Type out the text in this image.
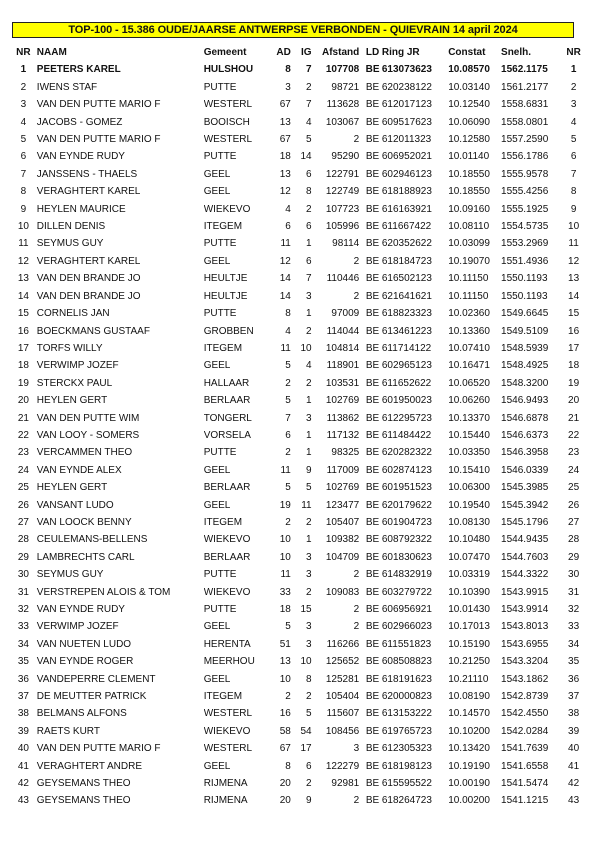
TOP-100 - 15.386 OUDE/JAARSE ANTWERPSE VERBONDEN - QUIEVRAIN 14 april 2024
NR	NAAM	Gemeent	AD	IG	Afstand	LD	Ring JR	Constat	Snelh.	NR
1	PEETERS KAREL	HULSHOU	8	7	107708	BE	613073623	10.08570	1562.1175	1
2	IWENS STAF	PUTTE	3	2	98721	BE	620238122	10.03140	1561.2177	2
3	VAN DEN PUTTE MARIO F	WESTERL	67	7	113628	BE	612017123	10.12540	1558.6831	3
4	JACOBS - GOMEZ	BOOISCH	13	4	103067	BE	609517623	10.06090	1558.0801	4
5	VAN DEN PUTTE MARIO F	WESTERL	67	5	2	BE	612011323	10.12580	1557.2590	5
6	VAN EYNDE RUDY	PUTTE	18	14	95290	BE	606952021	10.01140	1556.1786	6
7	JANSSENS - THAELS	GEEL	13	6	122791	BE	602946123	10.18550	1555.9578	7
8	VERAGHTERT KAREL	GEEL	12	8	122749	BE	618188923	10.18550	1555.4256	8
9	HEYLEN MAURICE	WIEKEVO	4	2	107723	BE	616163921	10.09160	1555.1925	9
10	DILLEN DENIS	ITEGEM	6	6	105996	BE	611667422	10.08110	1554.5735	10
11	SEYMUS GUY	PUTTE	11	1	98114	BE	620352622	10.03099	1553.2969	11
12	VERAGHTERT KAREL	GEEL	12	6	2	BE	618184723	10.19070	1551.4936	12
13	VAN DEN BRANDE JO	HEULTJE	14	7	110446	BE	616502123	10.11150	1550.1193	13
14	VAN DEN BRANDE JO	HEULTJE	14	3	2	BE	621641621	10.11150	1550.1193	14
15	CORNELIS JAN	PUTTE	8	1	97009	BE	618823323	10.02360	1549.6645	15
16	BOECKMANS GUSTAAF	GROBBEN	4	2	114044	BE	613461223	10.13360	1549.5109	16
17	TORFS WILLY	ITEGEM	11	10	104814	BE	611714122	10.07410	1548.5939	17
18	VERWIMP JOZEF	GEEL	5	4	118901	BE	602965123	10.16471	1548.4925	18
19	STERCKX PAUL	HALLAAR	2	2	103531	BE	611652622	10.06520	1548.3200	19
20	HEYLEN GERT	BERLAAR	5	1	102769	BE	601950023	10.06260	1546.9493	20
21	VAN DEN PUTTE WIM	TONGERL	7	3	113862	BE	612295723	10.13370	1546.6878	21
22	VAN LOOY - SOMERS	VORSELA	6	1	117132	BE	611484422	10.15440	1546.6373	22
23	VERCAMMEN THEO	PUTTE	2	1	98325	BE	620282322	10.03350	1546.3958	23
24	VAN EYNDE ALEX	GEEL	11	9	117009	BE	602874123	10.15410	1546.0339	24
25	HEYLEN GERT	BERLAAR	5	5	102769	BE	601951523	10.06300	1545.3985	25
26	VANSANT LUDO	GEEL	19	11	123477	BE	620179622	10.19540	1545.3942	26
27	VAN LOOCK BENNY	ITEGEM	2	2	105407	BE	601904723	10.08130	1545.1796	27
28	CEULEMANS-BELLENS	WIEKEVO	10	1	109382	BE	608792322	10.10480	1544.9435	28
29	LAMBRECHTS CARL	BERLAAR	10	3	104709	BE	601830623	10.07470	1544.7603	29
30	SEYMUS GUY	PUTTE	11	3	2	BE	614832919	10.03319	1544.3322	30
31	VERSTREPEN ALOIS & TOM	WIEKEVO	33	2	109083	BE	603279722	10.10390	1543.9915	31
32	VAN EYNDE RUDY	PUTTE	18	15	2	BE	606956921	10.01430	1543.9914	32
33	VERWIMP JOZEF	GEEL	5	3	2	BE	602966023	10.17013	1543.8013	33
34	VAN NUETEN LUDO	HERENTA	51	3	116266	BE	611551823	10.15190	1543.6955	34
35	VAN EYNDE ROGER	MEERHOU	13	10	125652	BE	608508823	10.21250	1543.3204	35
36	VANDEPERRE CLEMENT	GEEL	10	8	125281	BE	618191623	10.21110	1543.1862	36
37	DE MEUTTER PATRICK	ITEGEM	2	2	105404	BE	620000823	10.08190	1542.8739	37
38	BELMANS ALFONS	WESTERL	16	5	115607	BE	613153222	10.14570	1542.4550	38
39	RAETS KURT	WIEKEVO	58	54	108456	BE	619765723	10.10200	1542.0284	39
40	VAN DEN PUTTE MARIO F	WESTERL	67	17	3	BE	612305323	10.13420	1541.7639	40
41	VERAGHTERT ANDRE	GEEL	8	6	122279	BE	618198123	10.19190	1541.6558	41
42	GEYSEMANS THEO	RIJMENA	20	2	92981	BE	615595522	10.00190	1541.5474	42
43	GEYSEMANS THEO	RIJMENA	20	9	2	BE	618264723	10.00200	1541.1215	43
